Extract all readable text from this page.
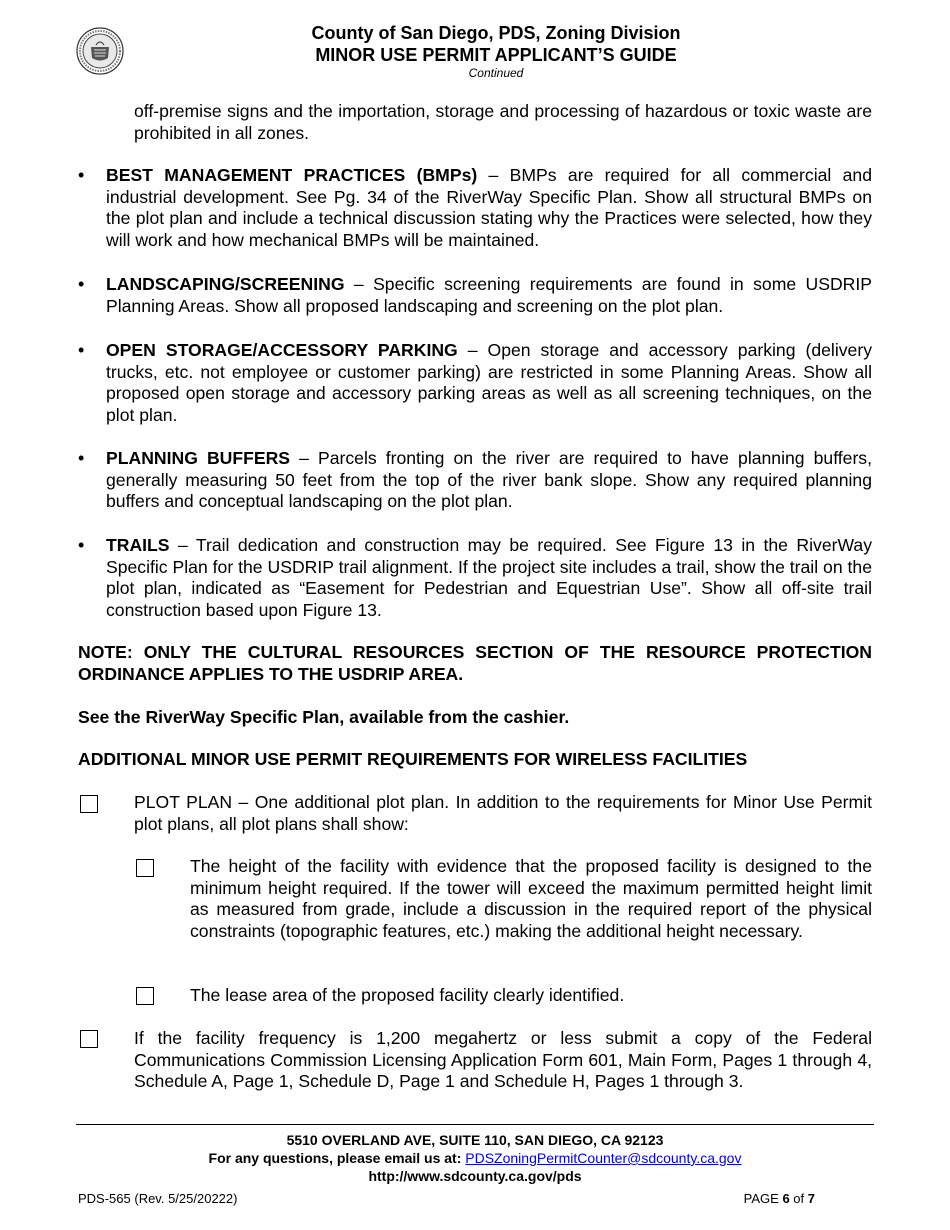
County of San Diego, PDS, Zoning Division
MINOR USE PERMIT APPLICANT’S GUIDE
Continued
off-premise signs and the importation, storage and processing of hazardous or toxic waste are prohibited in all zones.
• BEST MANAGEMENT PRACTICES (BMPs) – BMPs are required for all commercial and industrial development. See Pg. 34 of the RiverWay Specific Plan. Show all structural BMPs on the plot plan and include a technical discussion stating why the Practices were selected, how they will work and how mechanical BMPs will be maintained.
• LANDSCAPING/SCREENING – Specific screening requirements are found in some USDRIP Planning Areas. Show all proposed landscaping and screening on the plot plan.
• OPEN STORAGE/ACCESSORY PARKING – Open storage and accessory parking (delivery trucks, etc. not employee or customer parking) are restricted in some Planning Areas. Show all proposed open storage and accessory parking areas as well as all screening techniques, on the plot plan.
• PLANNING BUFFERS – Parcels fronting on the river are required to have planning buffers, generally measuring 50 feet from the top of the river bank slope. Show any required planning buffers and conceptual landscaping on the plot plan.
• TRAILS – Trail dedication and construction may be required. See Figure 13 in the RiverWay Specific Plan for the USDRIP trail alignment. If the project site includes a trail, show the trail on the plot plan, indicated as “Easement for Pedestrian and Equestrian Use”. Show all off-site trail construction based upon Figure 13.
NOTE: ONLY THE CULTURAL RESOURCES SECTION OF THE RESOURCE PROTECTION ORDINANCE APPLIES TO THE USDRIP AREA.
See the RiverWay Specific Plan, available from the cashier.
ADDITIONAL MINOR USE PERMIT REQUIREMENTS FOR WIRELESS FACILITIES
PLOT PLAN – One additional plot plan. In addition to the requirements for Minor Use Permit plot plans, all plot plans shall show:
The height of the facility with evidence that the proposed facility is designed to the minimum height required. If the tower will exceed the maximum permitted height limit as measured from grade, include a discussion in the required report of the physical constraints (topographic features, etc.) making the additional height necessary.
The lease area of the proposed facility clearly identified.
If the facility frequency is 1,200 megahertz or less submit a copy of the Federal Communications Commission Licensing Application Form 601, Main Form, Pages 1 through 4, Schedule A, Page 1, Schedule D, Page 1 and Schedule H, Pages 1 through 3.
5510 OVERLAND AVE, SUITE 110, SAN DIEGO, CA 92123
For any questions, please email us at: PDSZoningPermitCounter@sdcounty.ca.gov
http://www.sdcounty.ca.gov/pds
PDS-565 (Rev. 5/25/20222)	PAGE 6 of 7
